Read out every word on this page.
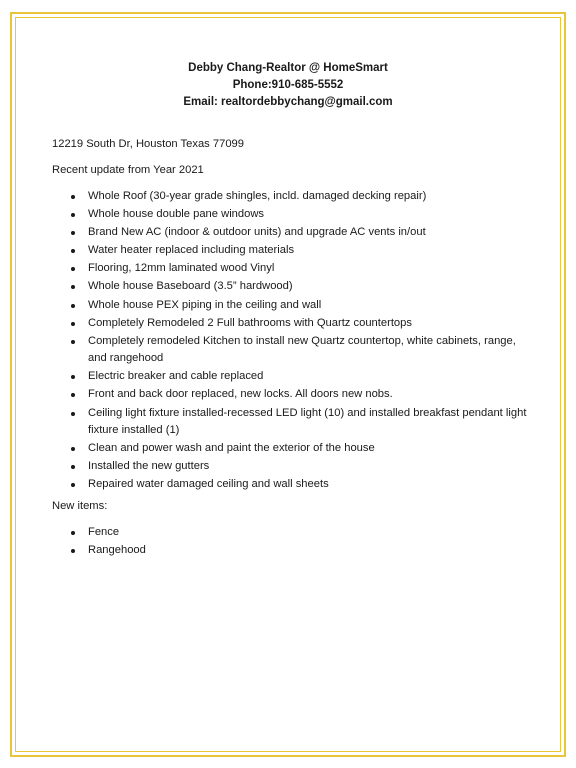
Debby Chang-Realtor @ HomeSmart
Phone:910-685-5552
Email: realtordebbychang@gmail.com
12219 South Dr, Houston Texas 77099
Recent update from Year 2021
Whole Roof (30-year grade shingles, incld. damaged decking repair)
Whole house double pane windows
Brand New AC (indoor & outdoor units) and upgrade AC vents in/out
Water heater replaced including materials
Flooring, 12mm laminated wood Vinyl
Whole house Baseboard (3.5” hardwood)
Whole house PEX piping in the ceiling and wall
Completely Remodeled 2 Full bathrooms with Quartz countertops
Completely remodeled Kitchen to install new Quartz countertop, white cabinets, range, and rangehood
Electric breaker and cable replaced
Front and back door replaced, new locks. All doors new nobs.
Ceiling light fixture installed-recessed LED light (10) and installed breakfast pendant light fixture installed (1)
Clean and power wash and paint the exterior of the house
Installed the new gutters
Repaired water damaged ceiling and wall sheets
New items:
Fence
Rangehood
